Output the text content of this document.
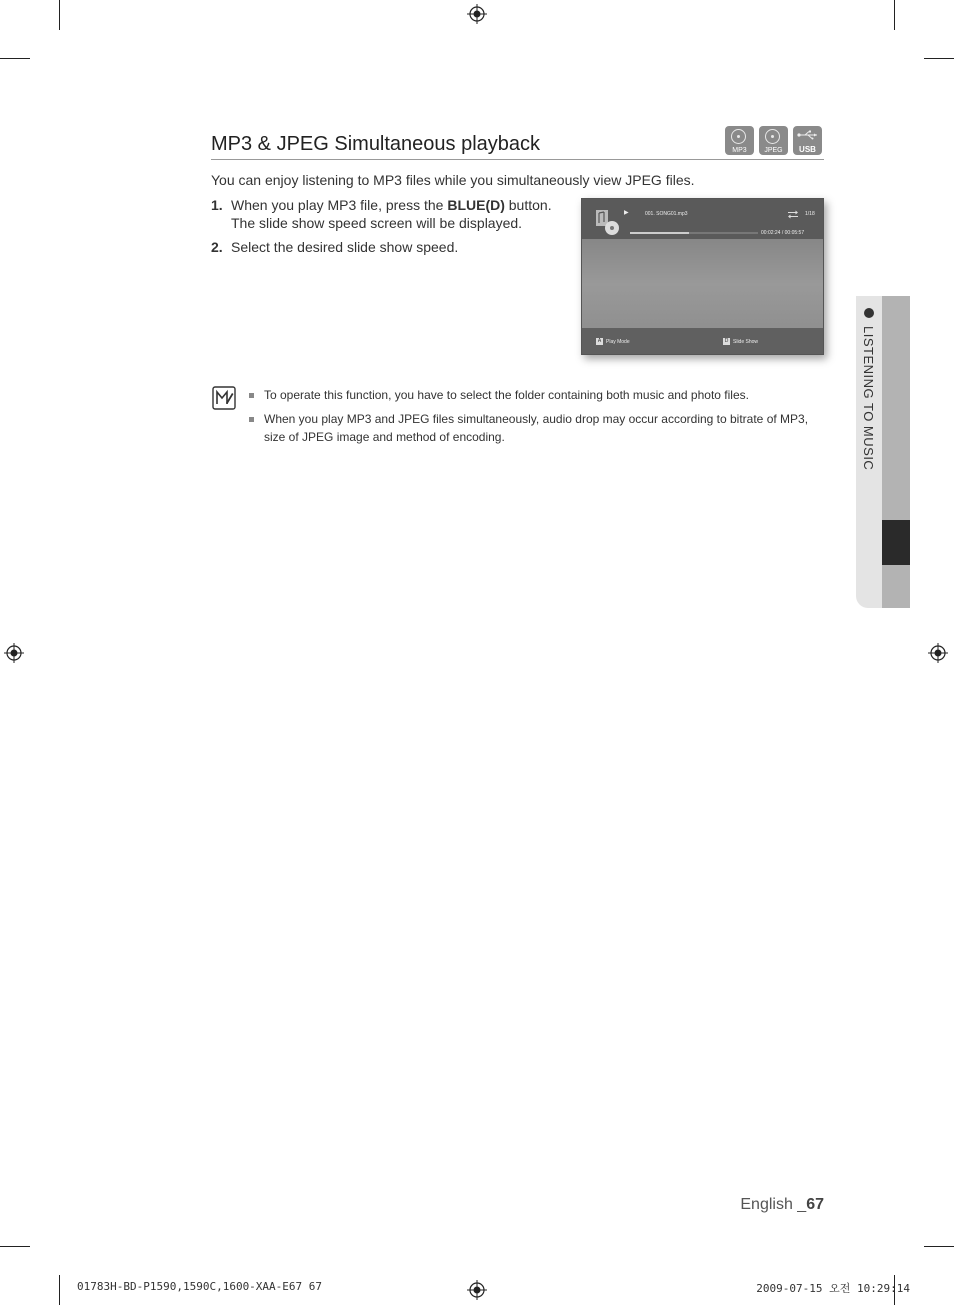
MP3 & JPEG Simultaneous playback	MP3	JPEG	USB
You can enjoy listening to MP3 files while you simultaneously view JPEG files.
1. When you play MP3 file, press the BLUE(D) button.
The slide show speed screen will be displayed.
2. Select the desired slide show speed.
▶	001. SONG01.mp3	1/18
00:02:24 / 00:05:57
A Play Mode	D Slide Show
To operate this function, you have to select the folder containing both music and photo files.
When you play MP3 and JPEG files simultaneously, audio drop may occur according to bitrate of MP3, size of JPEG image and method of encoding.	LISTENING TO MUSIC
English _67
01783H-BD-P1590,1590C,1600-XAA-E67 67	2009-07-15 오전 10:29:14
